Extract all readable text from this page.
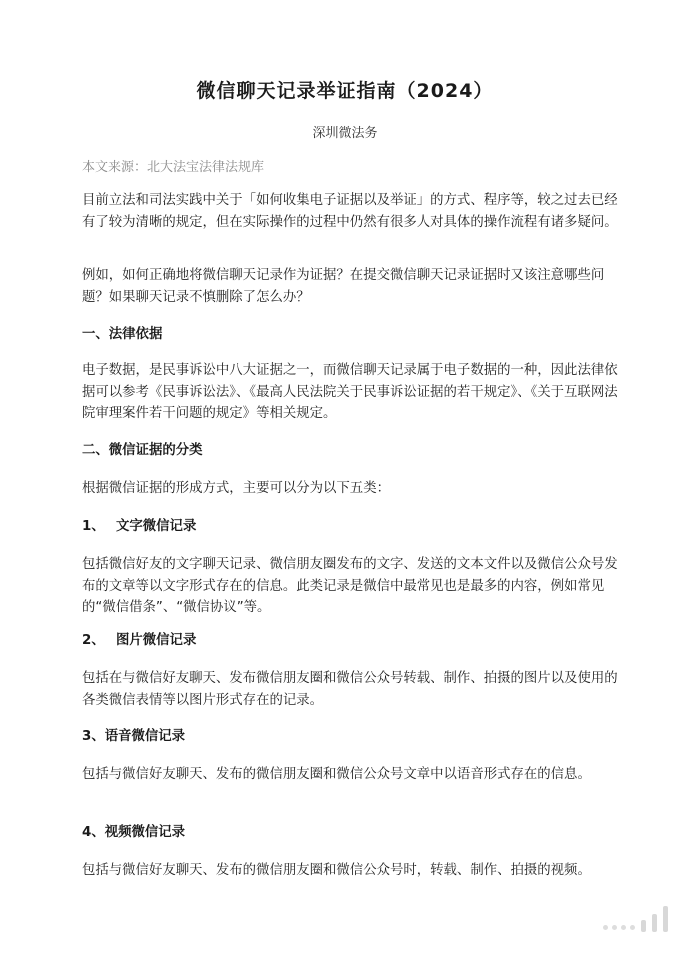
微信聊天记录举证指南（2024）
深圳微法务
本文来源：北大法宝法律法规库
目前立法和司法实践中关于「如何收集电子证据以及举证」的方式、程序等，较之过去已经有了较为清晰的规定，但在实际操作的过程中仍然有很多人对具体的操作流程有诸多疑问。
例如，如何正确地将微信聊天记录作为证据？在提交微信聊天记录证据时又该注意哪些问题？如果聊天记录不慎删除了怎么办？
一、法律依据
电子数据，是民事诉讼中八大证据之一，而微信聊天记录属于电子数据的一种，因此法律依据可以参考《民事诉讼法》、《最高人民法院关于民事诉讼证据的若干规定》、《关于互联网法院审理案件若干问题的规定》等相关规定。
二、微信证据的分类
根据微信证据的形成方式，主要可以分为以下五类：
1、 文字微信记录
包括微信好友的文字聊天记录、微信朋友圈发布的文字、发送的文本文件以及微信公众号发布的文章等以文字形式存在的信息。此类记录是微信中最常见也是最多的内容，例如常见的“微信借条”、“微信协议”等。
2、 图片微信记录
包括在与微信好友聊天、发布微信朋友圈和微信公众号转载、制作、拍摄的图片以及使用的各类微信表情等以图片形式存在的记录。
3、语音微信记录
包括与微信好友聊天、发布的微信朋友圈和微信公众号文章中以语音形式存在的信息。
4、视频微信记录
包括与微信好友聊天、发布的微信朋友圈和微信公众号时，转载、制作、拍摄的视频。
